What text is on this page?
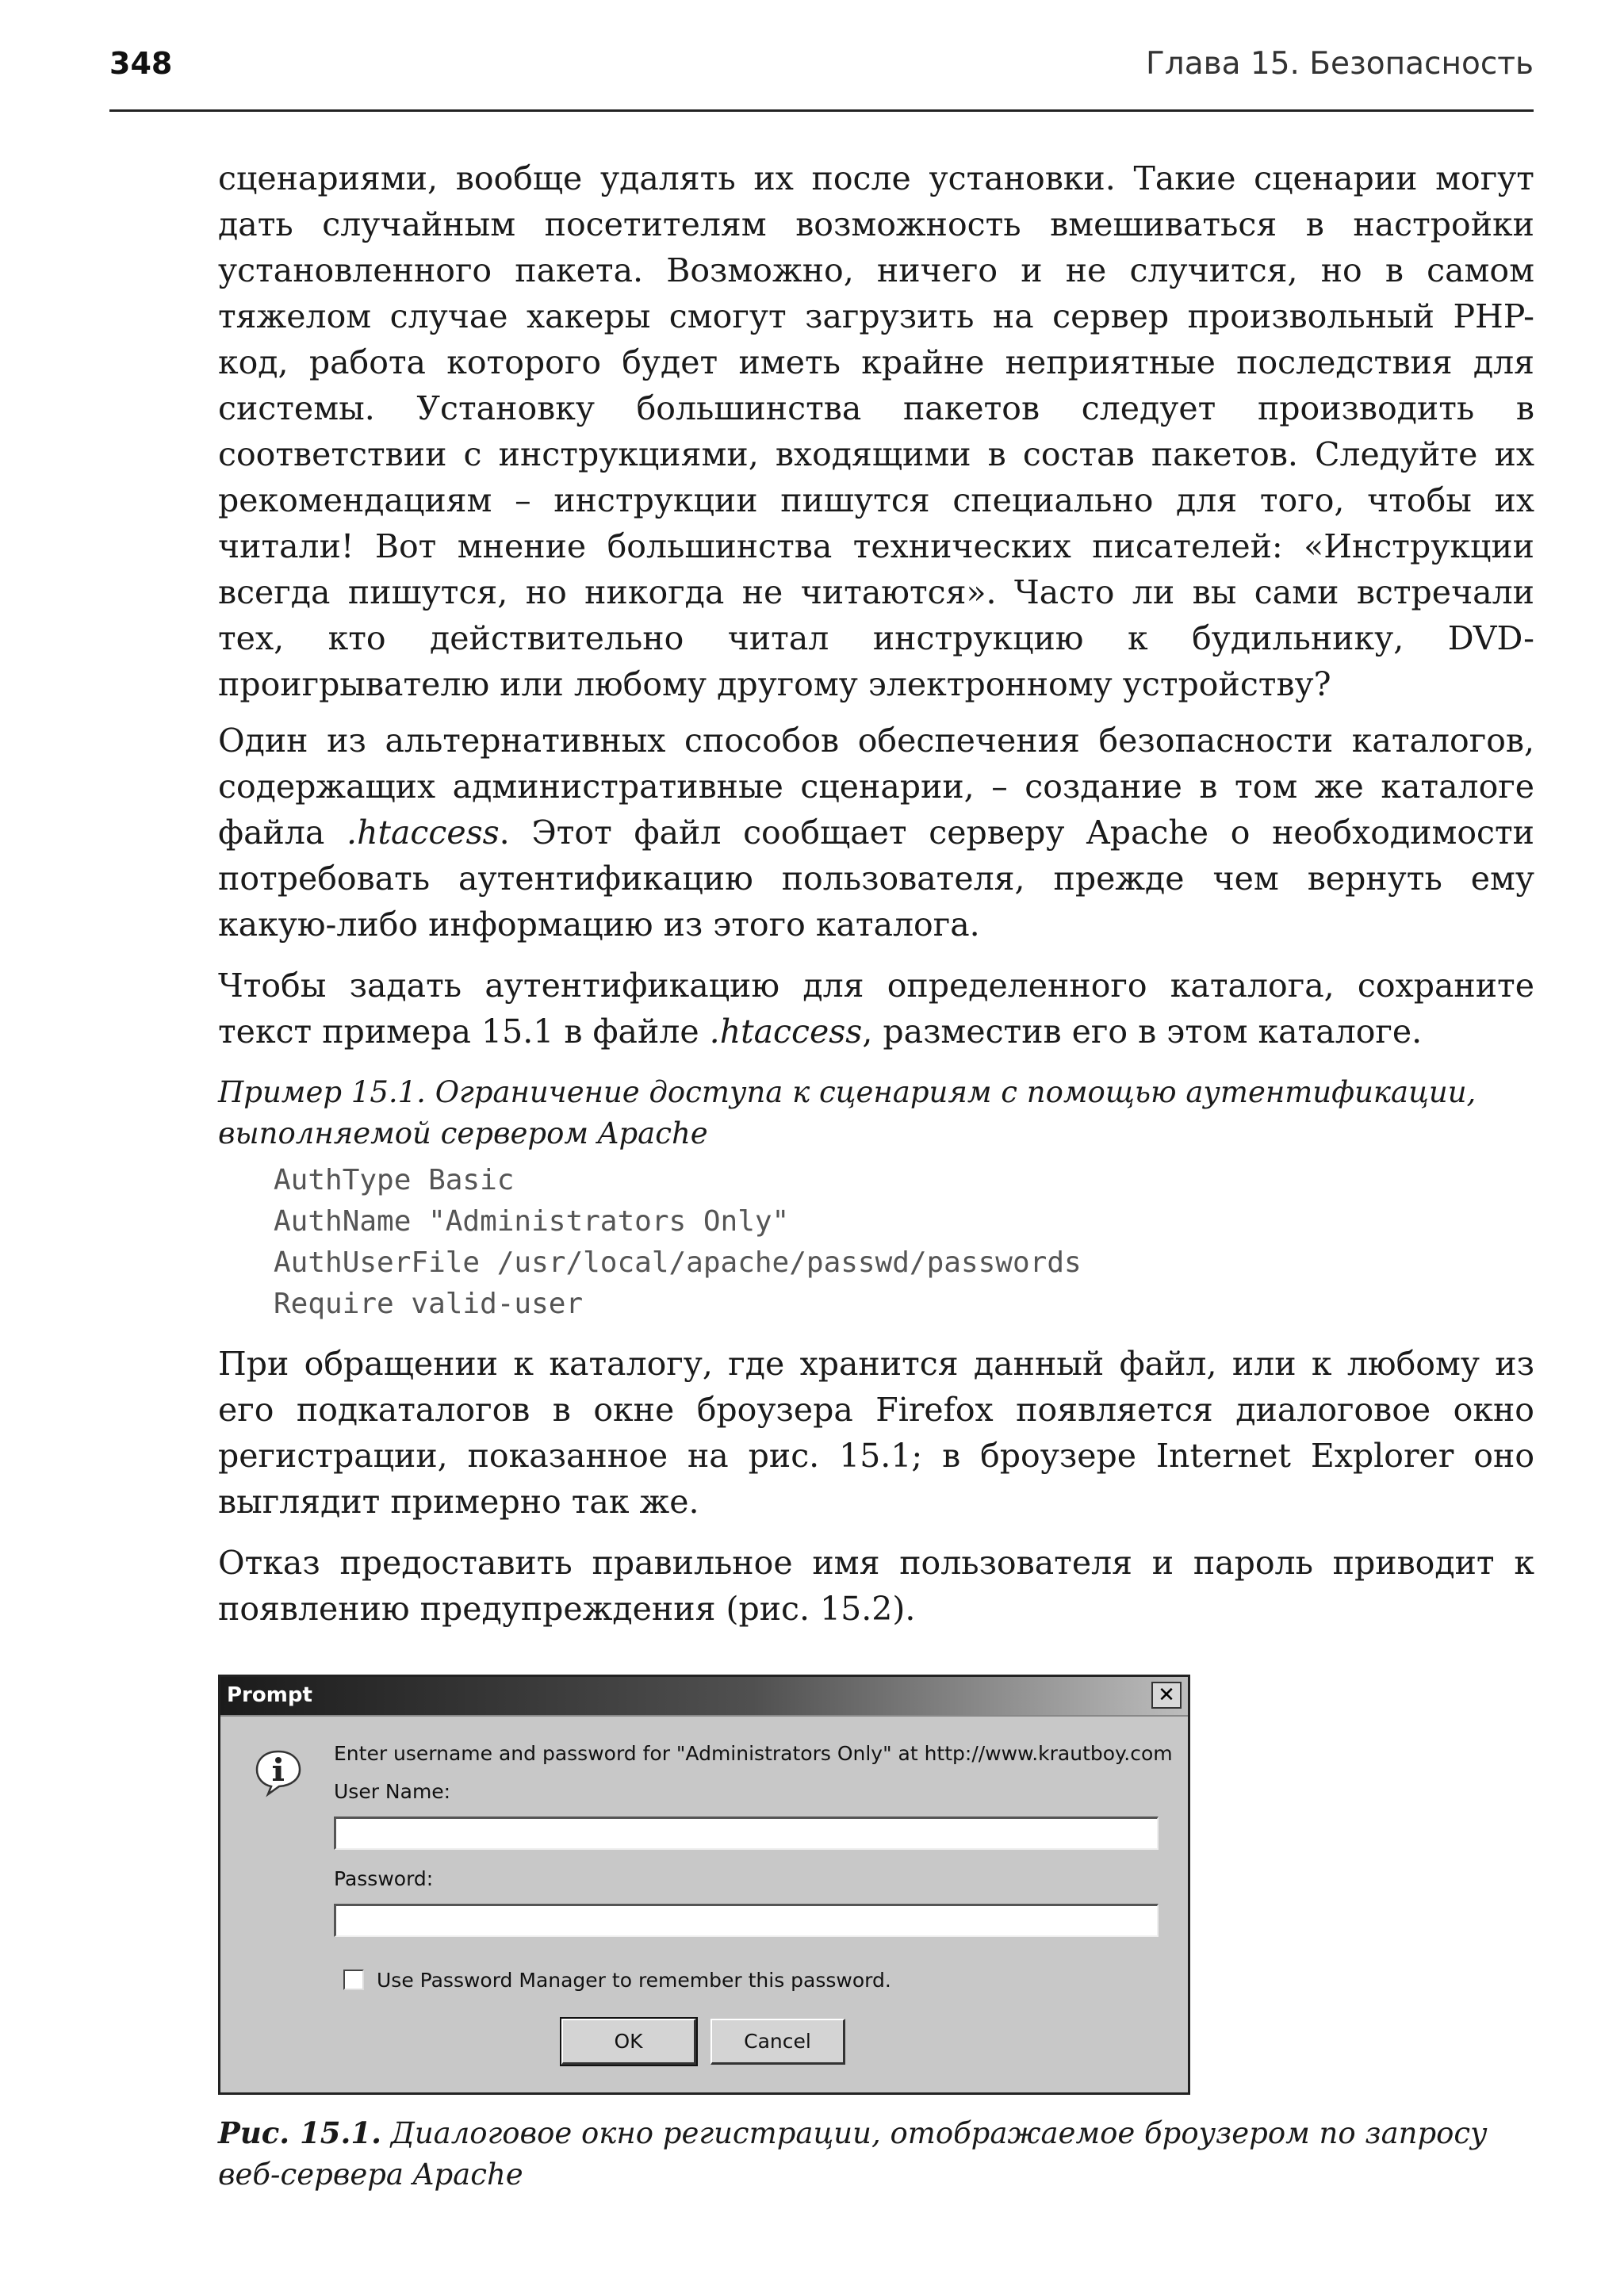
348	Глава 15. Безопасность

сценариями, вообще удалять их после установки. Такие сценарии могут дать случайным посетителям возможность вмешиваться в настройки установленного пакета. Возможно, ничего и не случится, но в самом тяжелом случае хакеры смогут загрузить на сервер произвольный PHP-код, работа которого будет иметь крайне неприятные последствия для системы. Установку большинства пакетов следует производить в соответствии с инструкциями, входящими в состав пакетов. Следуйте их рекомендациям – инструкции пишутся специально для того, чтобы их читали! Вот мнение большинства технических писателей: «Инструкции всегда пишутся, но никогда не читаются». Часто ли вы сами встречали тех, кто действительно читал инструкцию к будильнику, DVD-проигрывателю или любому другому электронному устройству?

Один из альтернативных способов обеспечения безопасности каталогов, содержащих административные сценарии, – создание в том же каталоге файла .htaccess. Этот файл сообщает серверу Apache о необходимости потребовать аутентификацию пользователя, прежде чем вернуть ему какую-либо информацию из этого каталога.

Чтобы задать аутентификацию для определенного каталога, сохраните текст примера 15.1 в файле .htaccess, разместив его в этом каталоге.

Пример 15.1. Ограничение доступа к сценариям с помощью аутентификации, выполняемой сервером Apache

AuthType Basic
AuthName "Administrators Only"
AuthUserFile /usr/local/apache/passwd/passwords
Require valid-user

При обращении к каталогу, где хранится данный файл, или к любому из его подкаталогов в окне броузера Firefox появляется диалоговое окно регистрации, показанное на рис. 15.1; в броузере Internet Explorer оно выглядит примерно так же.

Отказ предоставить правильное имя пользователя и пароль приводит к появлению предупреждения (рис. 15.2).

Prompt	✕
Enter username and password for "Administrators Only" at http://www.krautboy.com
User Name:
Password:
Use Password Manager to remember this password.
OK	Cancel

Рис. 15.1. Диалоговое окно регистрации, отображаемое броузером по запросу веб-сервера Apache
